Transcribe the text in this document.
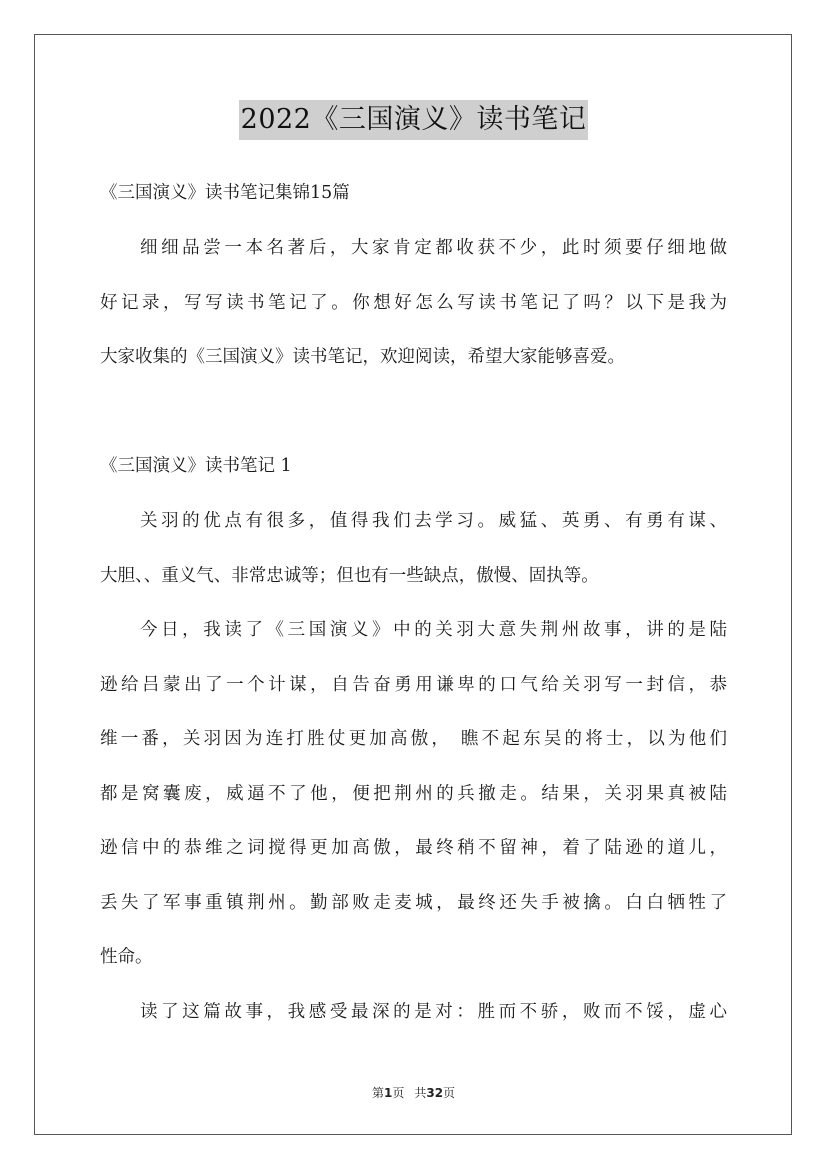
2022《三国演义》读书笔记
《三国演义》读书笔记集锦15篇
细细品尝一本名著后，大家肯定都收获不少，此时须要仔细地做
好记录，写写读书笔记了。你想好怎么写读书笔记了吗？以下是我为
大家收集的《三国演义》读书笔记，欢迎阅读，希望大家能够喜爱。
《三国演义》读书笔记 1
关羽的优点有很多，值得我们去学习。威猛、英勇、有勇有谋、
大胆、、重义气、非常忠诚等；但也有一些缺点，傲慢、固执等。
今日，我读了《三国演义》中的关羽大意失荆州故事，讲的是陆
逊给吕蒙出了一个计谋，自告奋勇用谦卑的口气给关羽写一封信，恭
维一番，关羽因为连打胜仗更加高傲， 瞧不起东吴的将士，以为他们
都是窝囊废，威逼不了他，便把荆州的兵撤走。结果，关羽果真被陆
逊信中的恭维之词搅得更加高傲，最终稍不留神，着了陆逊的道儿，
丢失了军事重镇荆州。勤部败走麦城，最终还失手被擒。白白牺牲了
性命。
读了这篇故事，我感受最深的是对：胜而不骄，败而不馁，虚心
第1页 共32页
